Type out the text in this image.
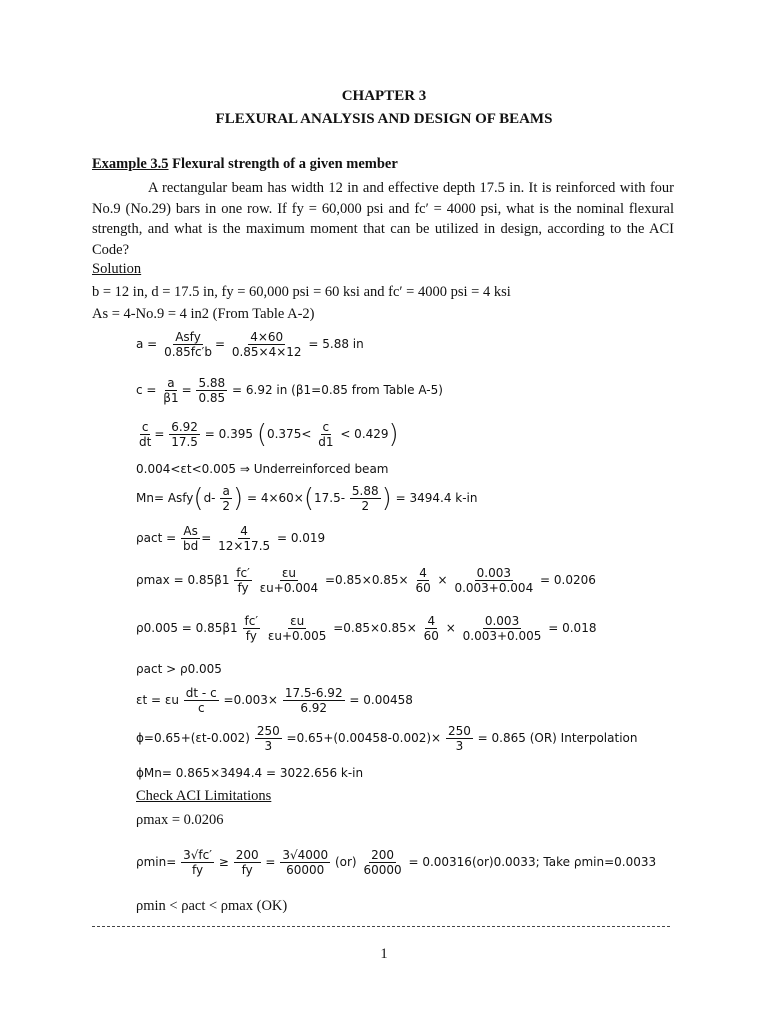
CHAPTER 3
FLEXURAL ANALYSIS AND DESIGN OF BEAMS
Example 3.5 Flexural strength of a given member
A rectangular beam has width 12 in and effective depth 17.5 in. It is reinforced with four No.9 (No.29) bars in one row. If fy = 60,000 psi and fc′ = 4000 psi, what is the nominal flexural strength, and what is the maximum moment that can be utilized in design, according to the ACI Code?
Solution
b = 12 in, d = 17.5 in, fy = 60,000 psi = 60 ksi and fc′ = 4000 psi = 4 ksi
As = 4-No.9 = 4 in2 (From Table A-2)
$a = \frac{\text{Asfy}}{0.85fc'b} = \frac{4\times 60}{0.85\times 4\times 12} = 5.88$ in
$c = \frac{a}{\beta 1} = \frac{5.88}{0.85} = 6.92$ in (β1=0.85 from Table A-5)
$\frac{c}{dt} = \frac{6.92}{17.5} = 0.395$ $(0.375< \frac{c}{d1} < 0.429)$
0.004<εt<0.005 ⇒ Underreinforced beam
Mn= Asfy(d- $\frac{a}{2}$ ) = $4\times 60\times(17.5- \frac{5.88}{2}$ ) = 3494.4 k-in
$\rho act = \frac{As}{bd} = \frac{4}{12\times 17.5} = 0.019$
$\rho\max = 0.85\beta 1 \frac{fc'}{fy}$
$\frac{\varepsilon u}{\varepsilon u+0.004} =0.85\times 0.85\times \frac{4}{60} \times \frac{0.003}{0.003+0.004} = 0.0206$
$\rho 0.005 = 0.85\beta 1 \frac{fc'}{fy}$
$\frac{\varepsilon u}{\varepsilon u+0.005} =0.85\times 0.85\times \frac{4}{60} \times \frac{0.003}{0.003+0.005} = 0.018$
ρact > ρ0.005
εt = εu $\frac{dt - c}{c} =0.003\times \frac{17.5-6.92}{6.92} = 0.00458$
$\phi=0.65+(\varepsilon t-0.002) \frac{250}{3} =0.65+(0.00458-0.002)\times \frac{250}{3} = 0.865$ (OR) Interpolation
ϕMn= 0.865×3494.4 = 3022.656 k-in
Check ACI Limitations
ρmax = 0.0206
$\rho\min= \frac{3√fc'}{fy} \ge \frac{200}{fy} = \frac{3√4000}{60000} (or) \frac{200}{60000} = 0.00316(or)0.0033$; Take ρmin=0.0033
ρmin < ρact < ρmax (OK)
1
